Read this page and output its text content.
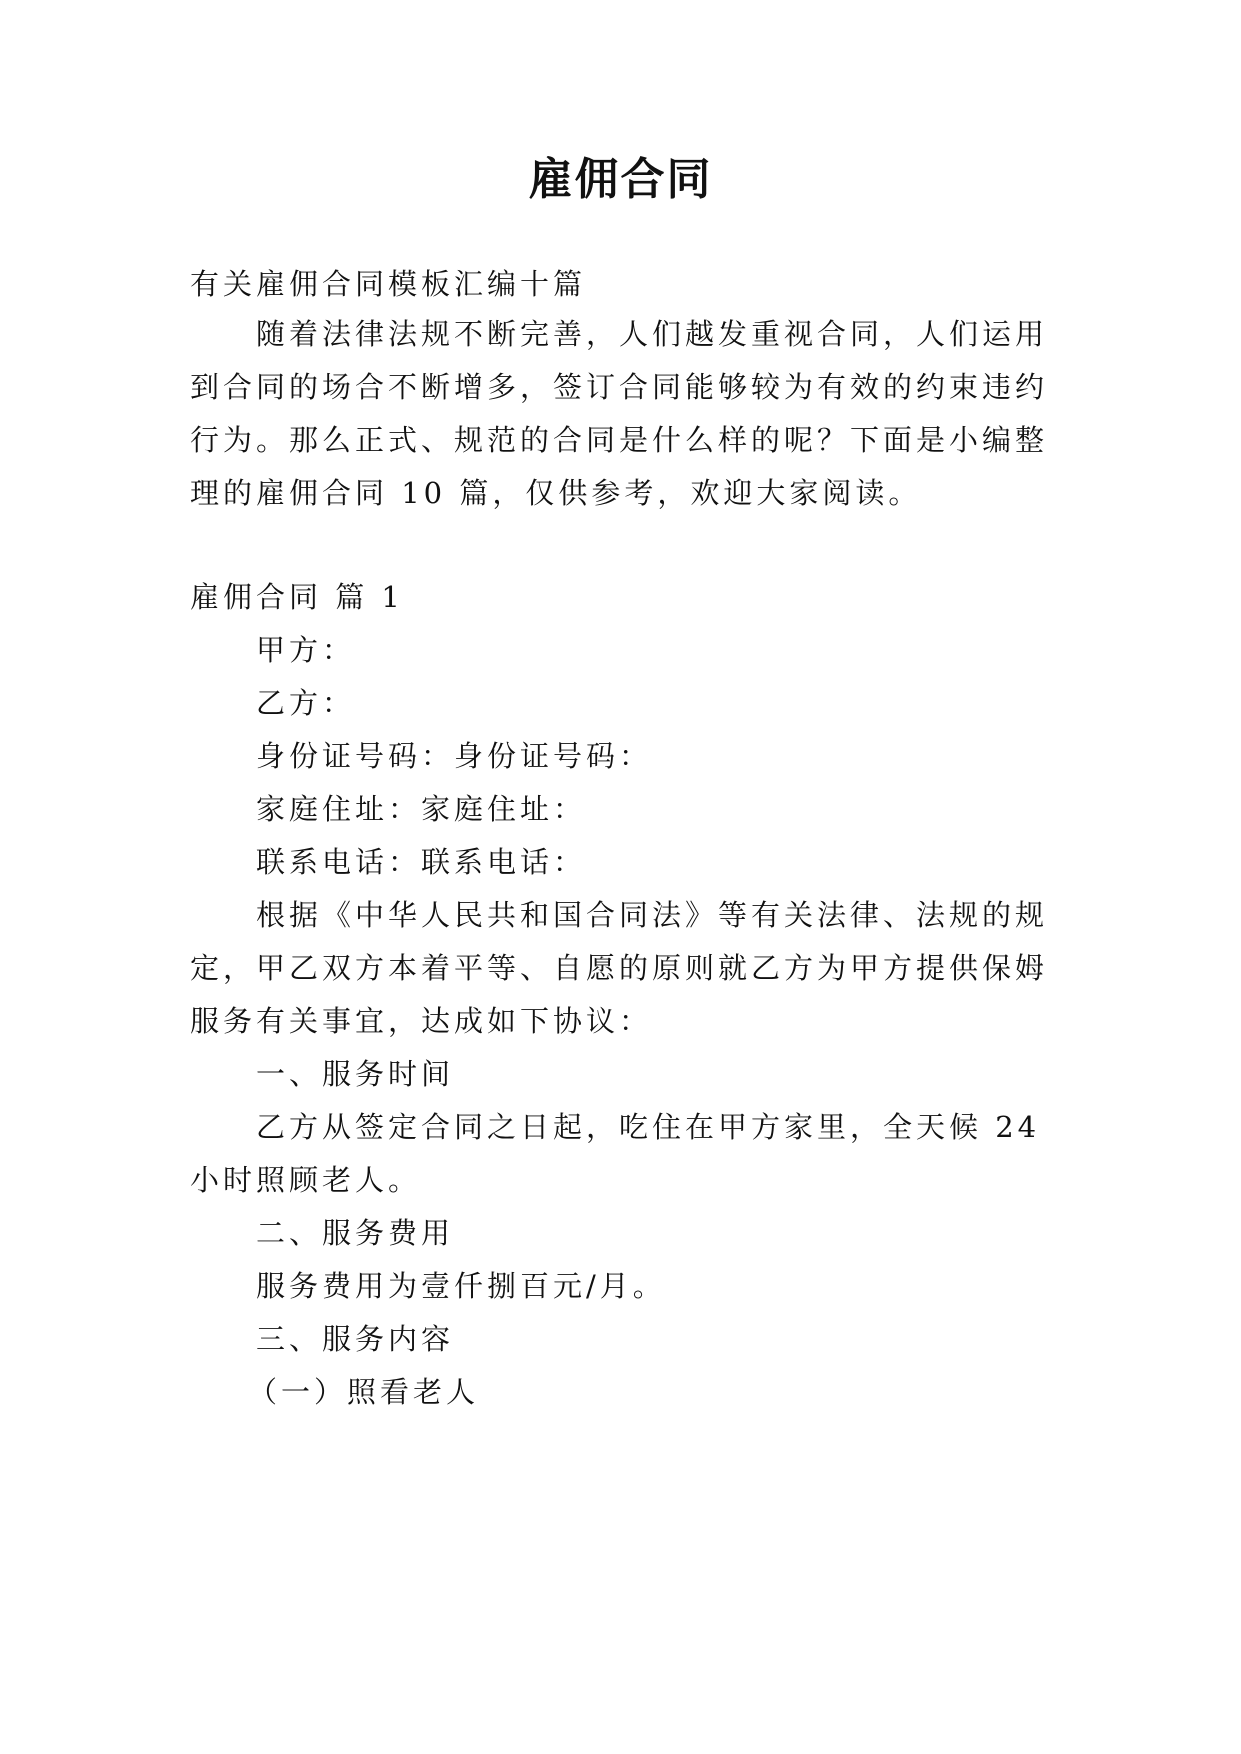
雇佣合同
有关雇佣合同模板汇编十篇
随着法律法规不断完善，人们越发重视合同，人们运用
到合同的场合不断增多，签订合同能够较为有效的约束违约
行为。那么正式、规范的合同是什么样的呢？下面是小编整
理的雇佣合同 10 篇，仅供参考，欢迎大家阅读。
雇佣合同 篇 1
甲方：
乙方：
身份证号码：身份证号码：
家庭住址：家庭住址：
联系电话：联系电话：
根据《中华人民共和国合同法》等有关法律、法规的规
定，甲乙双方本着平等、自愿的原则就乙方为甲方提供保姆
服务有关事宜，达成如下协议：
一、服务时间
乙方从签定合同之日起，吃住在甲方家里，全天候 24
小时照顾老人。
二、服务费用
服务费用为壹仟捌百元/月。
三、服务内容
（一）照看老人
